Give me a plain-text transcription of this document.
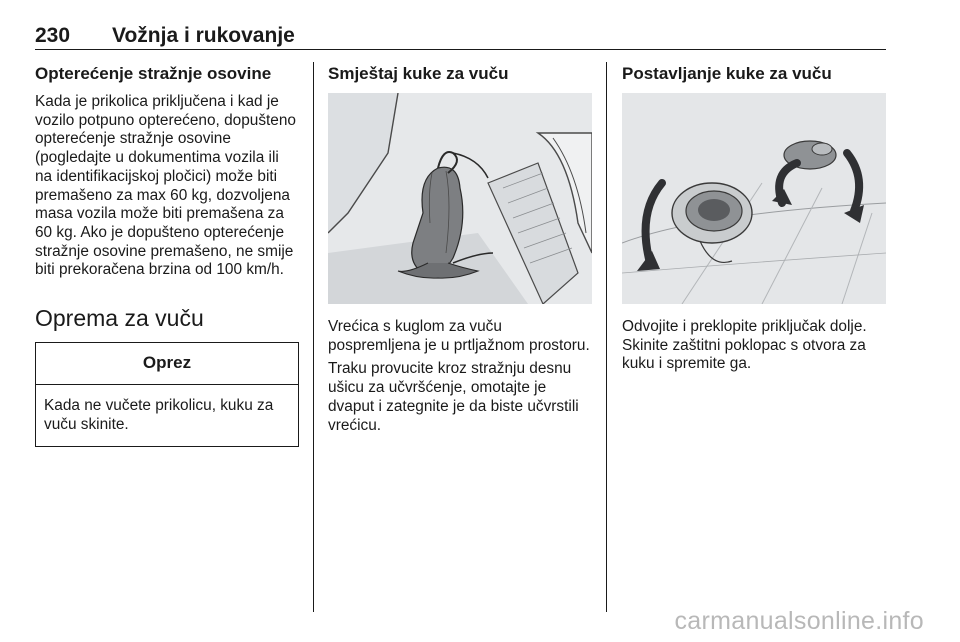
230 Vožnja i rukovanje
Opterećenje stražnje osovine

Kada je prikolica priključena i kad je vozilo potpuno opterećeno, dopušteno opterećenje stražnje osovine (pogledajte u dokumentima vozila ili na identifikacijskoj pločici) može biti premašeno za max 60 kg, dozvoljena masa vozila može biti premašena za 60 kg. Ako je dopušteno opterećenje stražnje osovine premašeno, ne smije biti prekoračena brzina od 100 km/h.

Oprema za vuču
Oprez
Kada ne vučete prikolicu, kuku za vuču skinite.
Smještaj kuke za vuču

Vrećica s kuglom za vuču pospremljena je u prtljažnom prostoru.

Traku provucite kroz stražnju desnu ušicu za učvršćenje, omotajte je dvaput i zategnite je da biste učvrstili vrećicu.

Postavljanje kuke za vuču

Odvojite i preklopite priključak dolje. Skinite zaštitni poklopac s otvora za kuku i spremite ga.

carmanualsonline.info
